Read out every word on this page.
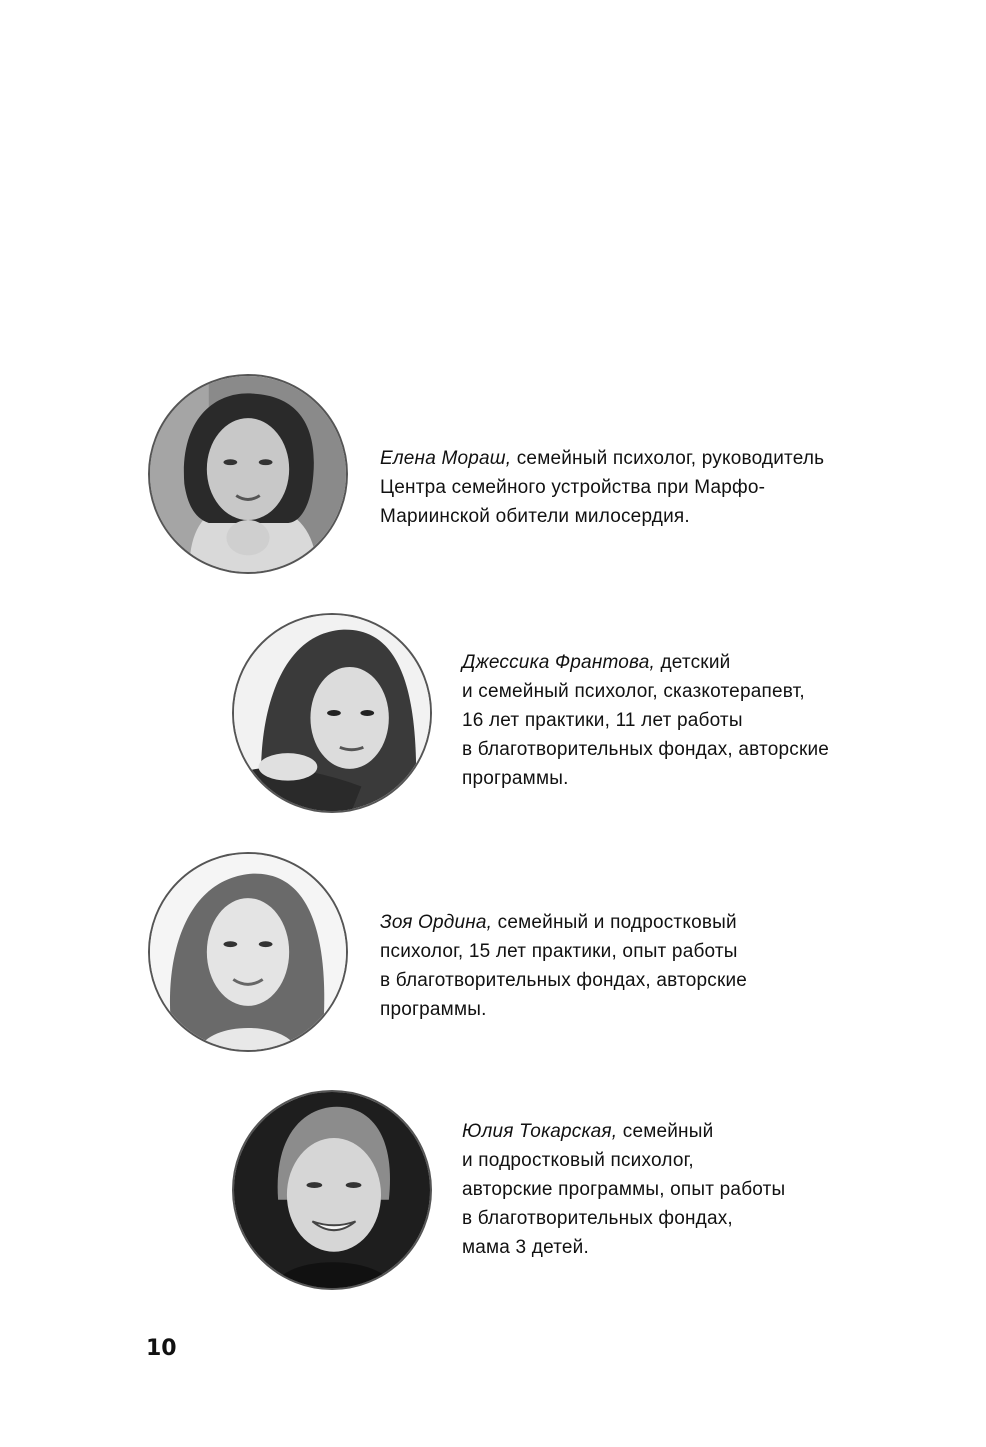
Елена Мораш, семейный психолог, руководитель
Центра семейного устройства при Марфо-
Мариинской обители милосердия.
Джессика Франтова, детский
и семейный психолог, сказкотерапевт,
16 лет практики, 11 лет работы
в благотворительных фондах, авторские
программы.
Зоя Ордина, семейный и подростковый
психолог, 15 лет практики, опыт работы
в благотворительных фондах, авторские
программы.
Юлия Токарская, семейный
и подростковый психолог,
авторские программы, опыт работы
в благотворительных фондах,
мама 3 детей.
10
